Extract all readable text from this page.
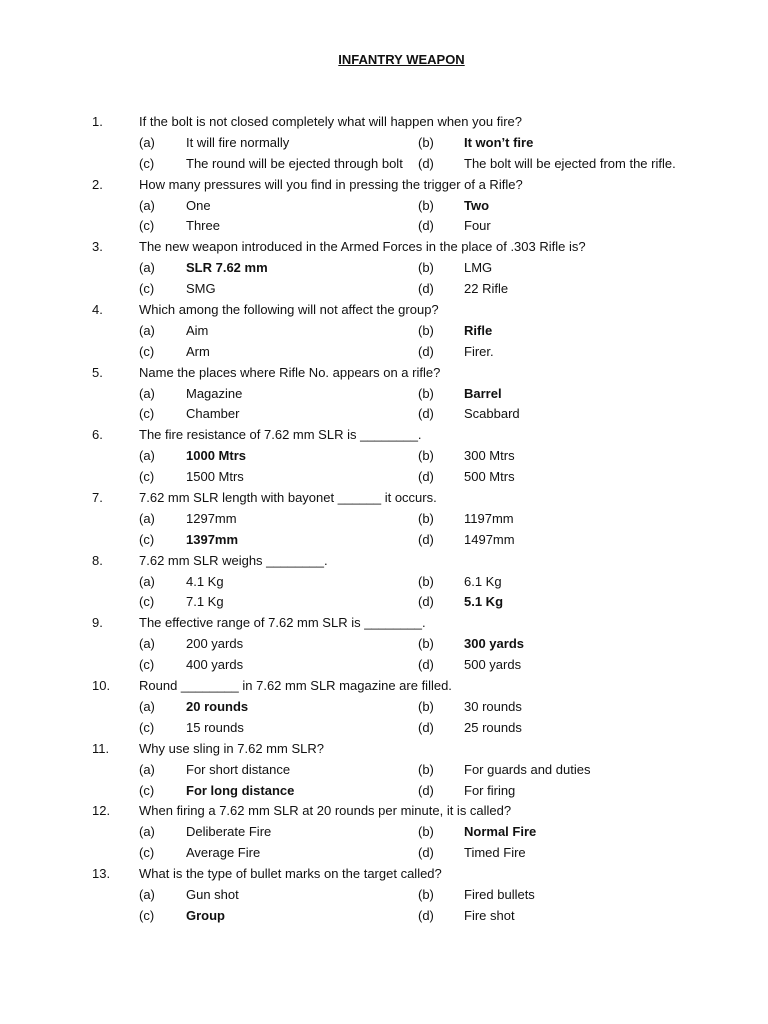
INFANTRY WEAPON
1.	If the bolt is not closed completely what will happen when you fire?
(a) It will fire normally	(b) It won’t fire
(c) The round will be ejected through bolt (d) The bolt will be ejected from the rifle.
2.	How many pressures will you find in pressing the trigger of a Rifle?
(a) One	(b) Two
(c) Three	(d) Four
3.	The new weapon introduced in the Armed Forces in the place of .303 Rifle is?
(a) SLR 7.62 mm	(b) LMG
(c) SMG	(d) 22 Rifle
4.	Which among the following will not affect the group?
(a) Aim	(b) Rifle
(c) Arm	(d) Firer.
5.	Name the places where Rifle No. appears on a rifle?
(a) Magazine	(b) Barrel
(c) Chamber	(d) Scabbard
6.	The fire resistance of 7.62 mm SLR is ________.
(a) 1000 Mtrs	(b) 300 Mtrs
(c) 1500 Mtrs	(d) 500 Mtrs
7.	7.62 mm SLR length with bayonet ______ it occurs.
(a) 1297mm	(b) 1197mm
(c) 1397mm	(d) 1497mm
8.	7.62 mm SLR weighs ________.
(a) 4.1 Kg	(b) 6.1 Kg
(c) 7.1 Kg	(d) 5.1 Kg
9.	The effective range of 7.62 mm SLR is ________.
(a) 200 yards	(b) 300 yards
(c) 400 yards	(d) 500 yards
10. Round ________ in 7.62 mm SLR magazine are filled.
(a) 20 rounds	(b) 30 rounds
(c) 15 rounds	(d) 25 rounds
11. Why use sling in 7.62 mm SLR?
(a) For short distance	(b) For guards and duties
(c) For long distance	(d) For firing
12. When firing a 7.62 mm SLR at 20 rounds per minute, it is called?
(a) Deliberate Fire	(b) Normal Fire
(c) Average Fire	(d) Timed Fire
13. What is the type of bullet marks on the target called?
(a) Gun shot	(b) Fired bullets
(c) Group	(d) Fire shot
